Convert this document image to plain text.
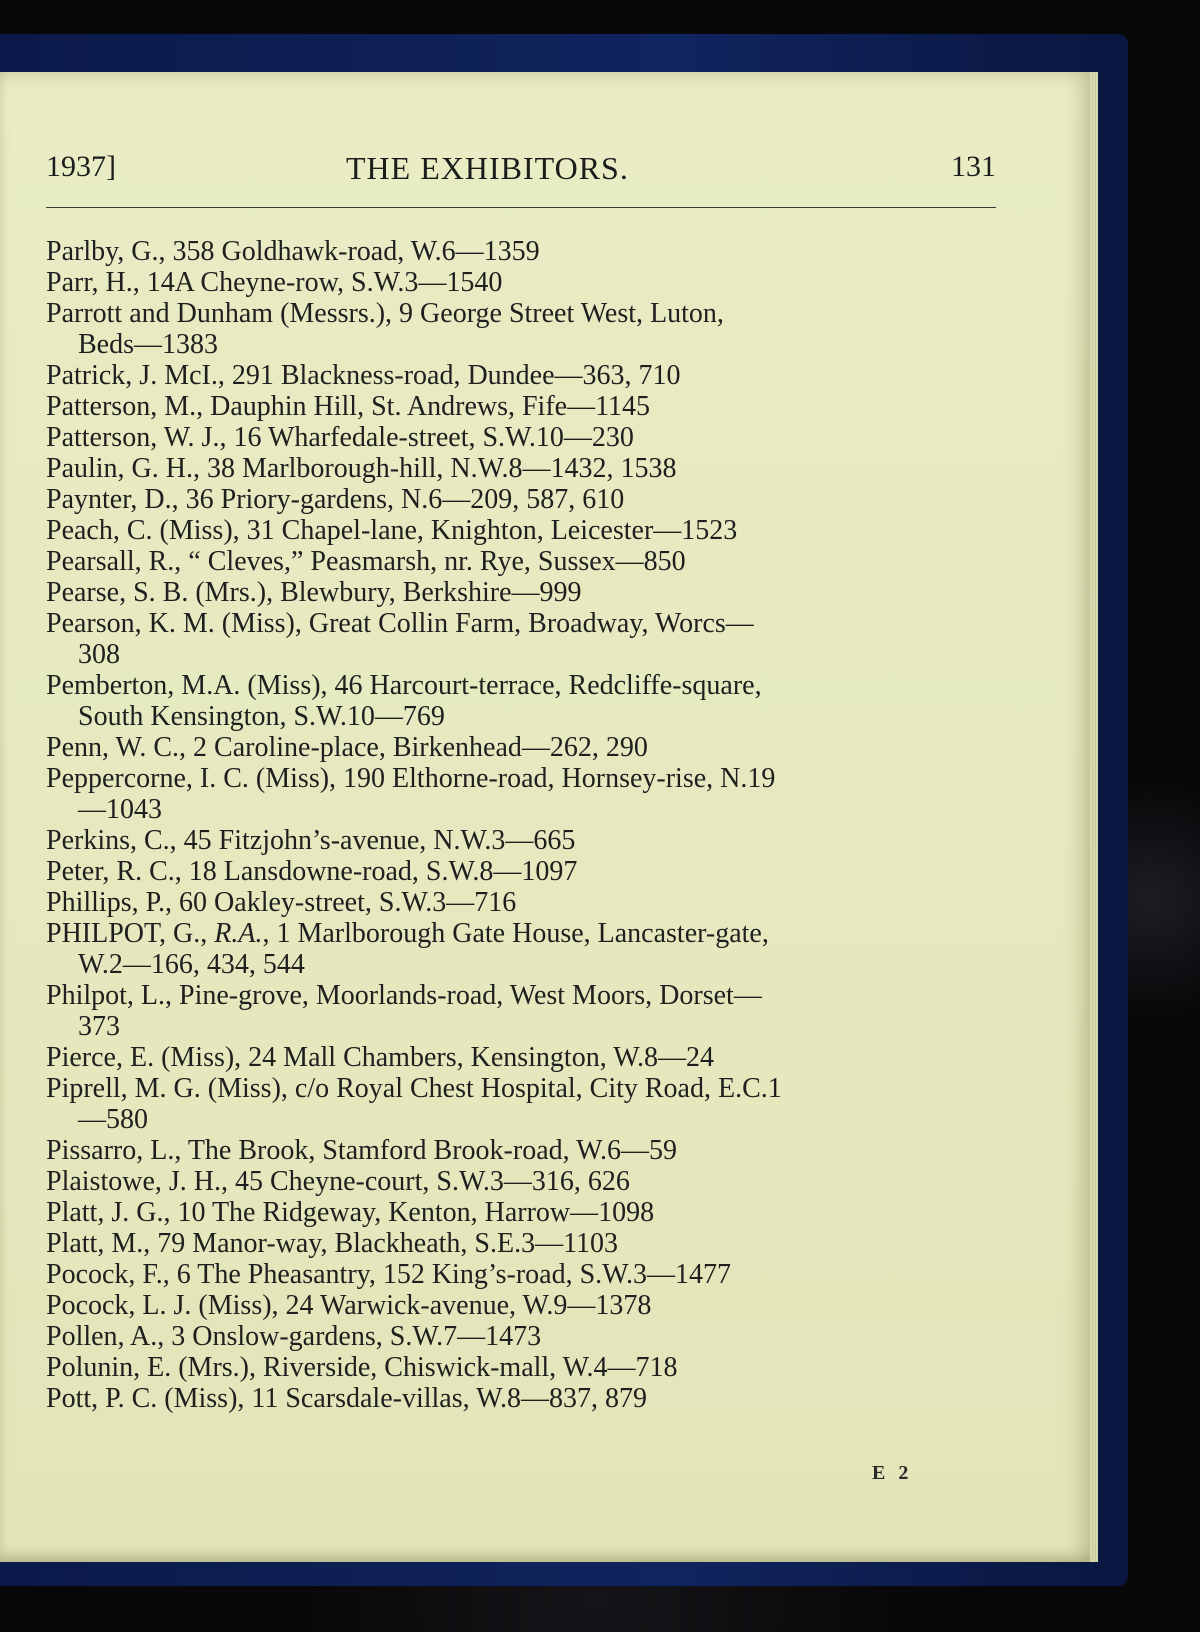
1937]	THE EXHIBITORS.	131
Parlby, G., 358 Goldhawk-road, W.6—1359
Parr, H., 14A Cheyne-row, S.W.3—1540
Parrott and Dunham (Messrs.), 9 George Street West, Luton,
Beds—1383
Patrick, J. McI., 291 Blackness-road, Dundee—363, 710
Patterson, M., Dauphin Hill, St. Andrews, Fife—1145
Patterson, W. J., 16 Wharfedale-street, S.W.10—230
Paulin, G. H., 38 Marlborough-hill, N.W.8—1432, 1538
Paynter, D., 36 Priory-gardens, N.6—209, 587, 610
Peach, C. (Miss), 31 Chapel-lane, Knighton, Leicester—1523
Pearsall, R., “ Cleves,” Peasmarsh, nr. Rye, Sussex—850
Pearse, S. B. (Mrs.), Blewbury, Berkshire—999
Pearson, K. M. (Miss), Great Collin Farm, Broadway, Worcs—
308
Pemberton, M.A. (Miss), 46 Harcourt-terrace, Redcliffe-square,
South Kensington, S.W.10—769
Penn, W. C., 2 Caroline-place, Birkenhead—262, 290
Peppercorne, I. C. (Miss), 190 Elthorne-road, Hornsey-rise, N.19
—1043
Perkins, C., 45 Fitzjohn’s-avenue, N.W.3—665
Peter, R. C., 18 Lansdowne-road, S.W.8—1097
Phillips, P., 60 Oakley-street, S.W.3—716
PHILPOT, G., R.A., 1 Marlborough Gate House, Lancaster-gate,
W.2—166, 434, 544
Philpot, L., Pine-grove, Moorlands-road, West Moors, Dorset—
373
Pierce, E. (Miss), 24 Mall Chambers, Kensington, W.8—24
Piprell, M. G. (Miss), c/o Royal Chest Hospital, City Road, E.C.1
—580
Pissarro, L., The Brook, Stamford Brook-road, W.6—59
Plaistowe, J. H., 45 Cheyne-court, S.W.3—316, 626
Platt, J. G., 10 The Ridgeway, Kenton, Harrow—1098
Platt, M., 79 Manor-way, Blackheath, S.E.3—1103
Pocock, F., 6 The Pheasantry, 152 King’s-road, S.W.3—1477
Pocock, L. J. (Miss), 24 Warwick-avenue, W.9—1378
Pollen, A., 3 Onslow-gardens, S.W.7—1473
Polunin, E. (Mrs.), Riverside, Chiswick-mall, W.4—718
Pott, P. C. (Miss), 11 Scarsdale-villas, W.8—837, 879
E 2
